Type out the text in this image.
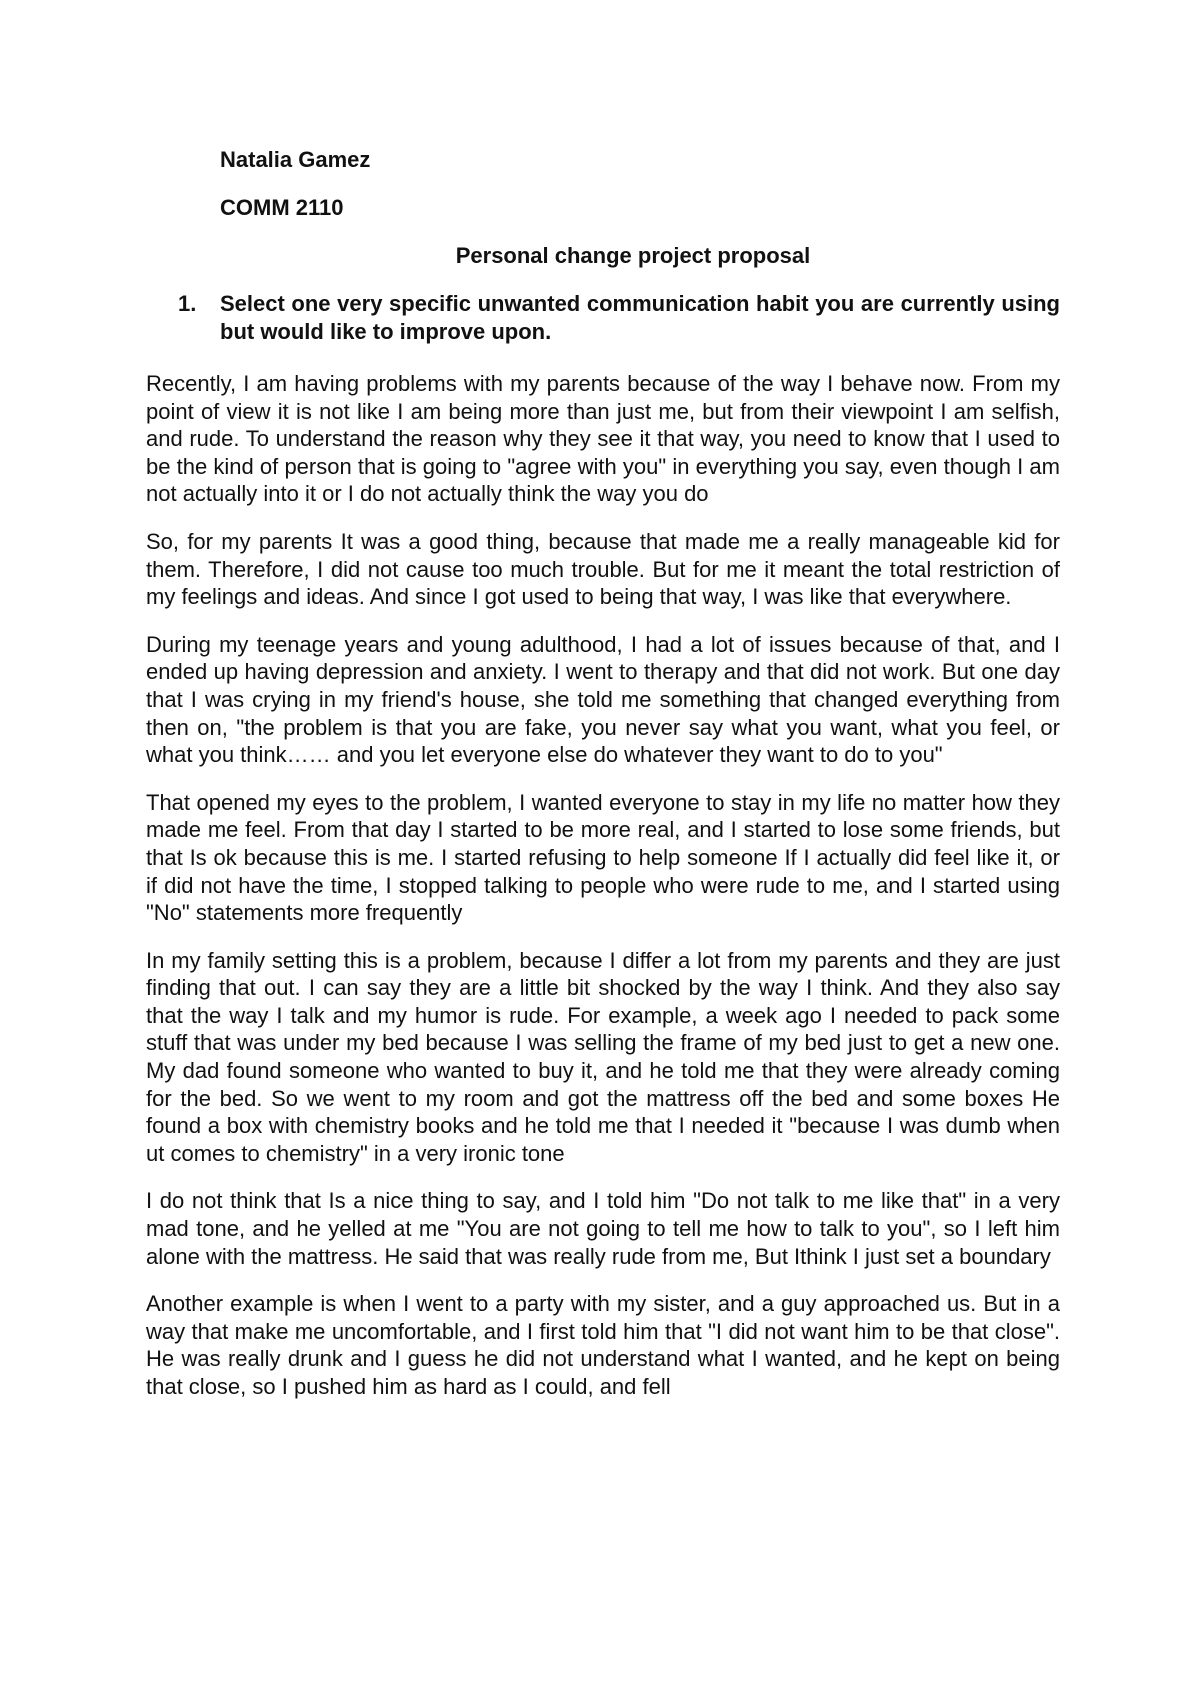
Natalia Gamez

COMM 2110

Personal change project proposal

1.	Select one very specific unwanted communication habit you are currently using but would like to improve upon.

Recently, I am having problems with my parents because of the way I behave now. From my point of view it is not like I am being more than just me, but from their viewpoint I am selfish, and rude. To understand the reason why they see it that way, you need to know that I used to be the kind of person that is going to "agree with you" in everything you say, even though I am not actually into it or I do not actually think the way you do

So, for my parents It was a good thing, because that made me a really manageable kid for them. Therefore, I did not cause too much trouble. But for me it meant the total restriction of my feelings and ideas. And since I got used to being that way, I was like that everywhere.

During my teenage years and young adulthood, I had a lot of issues because of that, and I ended up having depression and anxiety. I went to therapy and that did not work. But one day that I was crying in my friend's house, she told me something that changed everything from then on, "the problem is that you are fake, you never say what you want, what you feel, or what you think…… and you let everyone else do whatever they want to do to you"

That opened my eyes to the problem, I wanted everyone to stay in my life no matter how they made me feel. From that day I started to be more real, and I started to lose some friends, but that Is ok because this is me. I started refusing to help someone If I actually did feel like it, or if did not have the time, I stopped talking to people who were rude to me, and I started using "No" statements more frequently

In my family setting this is a problem, because I differ a lot from my parents and they are just finding that out. I can say they are a little bit shocked by the way I think. And they also say that the way I talk and my humor is rude. For example, a week ago I needed to pack some stuff that was under my bed because I was selling the frame of my bed just to get a new one. My dad found someone who wanted to buy it, and he told me that they were already coming for the bed. So we went to my room and got the mattress off the bed and some boxes He found a box with chemistry books and he told me that I needed it "because I was dumb when ut comes to chemistry" in a very ironic tone

I do not think that Is a nice thing to say, and I told him "Do not talk to me like that" in a very mad tone, and he yelled at me "You are not going to tell me how to talk to you", so I left him alone with the mattress. He said that was really rude from me, But Ithink I just set a boundary

Another example is when I went to a party with my sister, and a guy approached us. But in a way that make me uncomfortable, and I first told him that "I did not want him to be that close". He was really drunk and I guess he did not understand what I wanted, and he kept on being that close, so I pushed him as hard as I could, and fell
